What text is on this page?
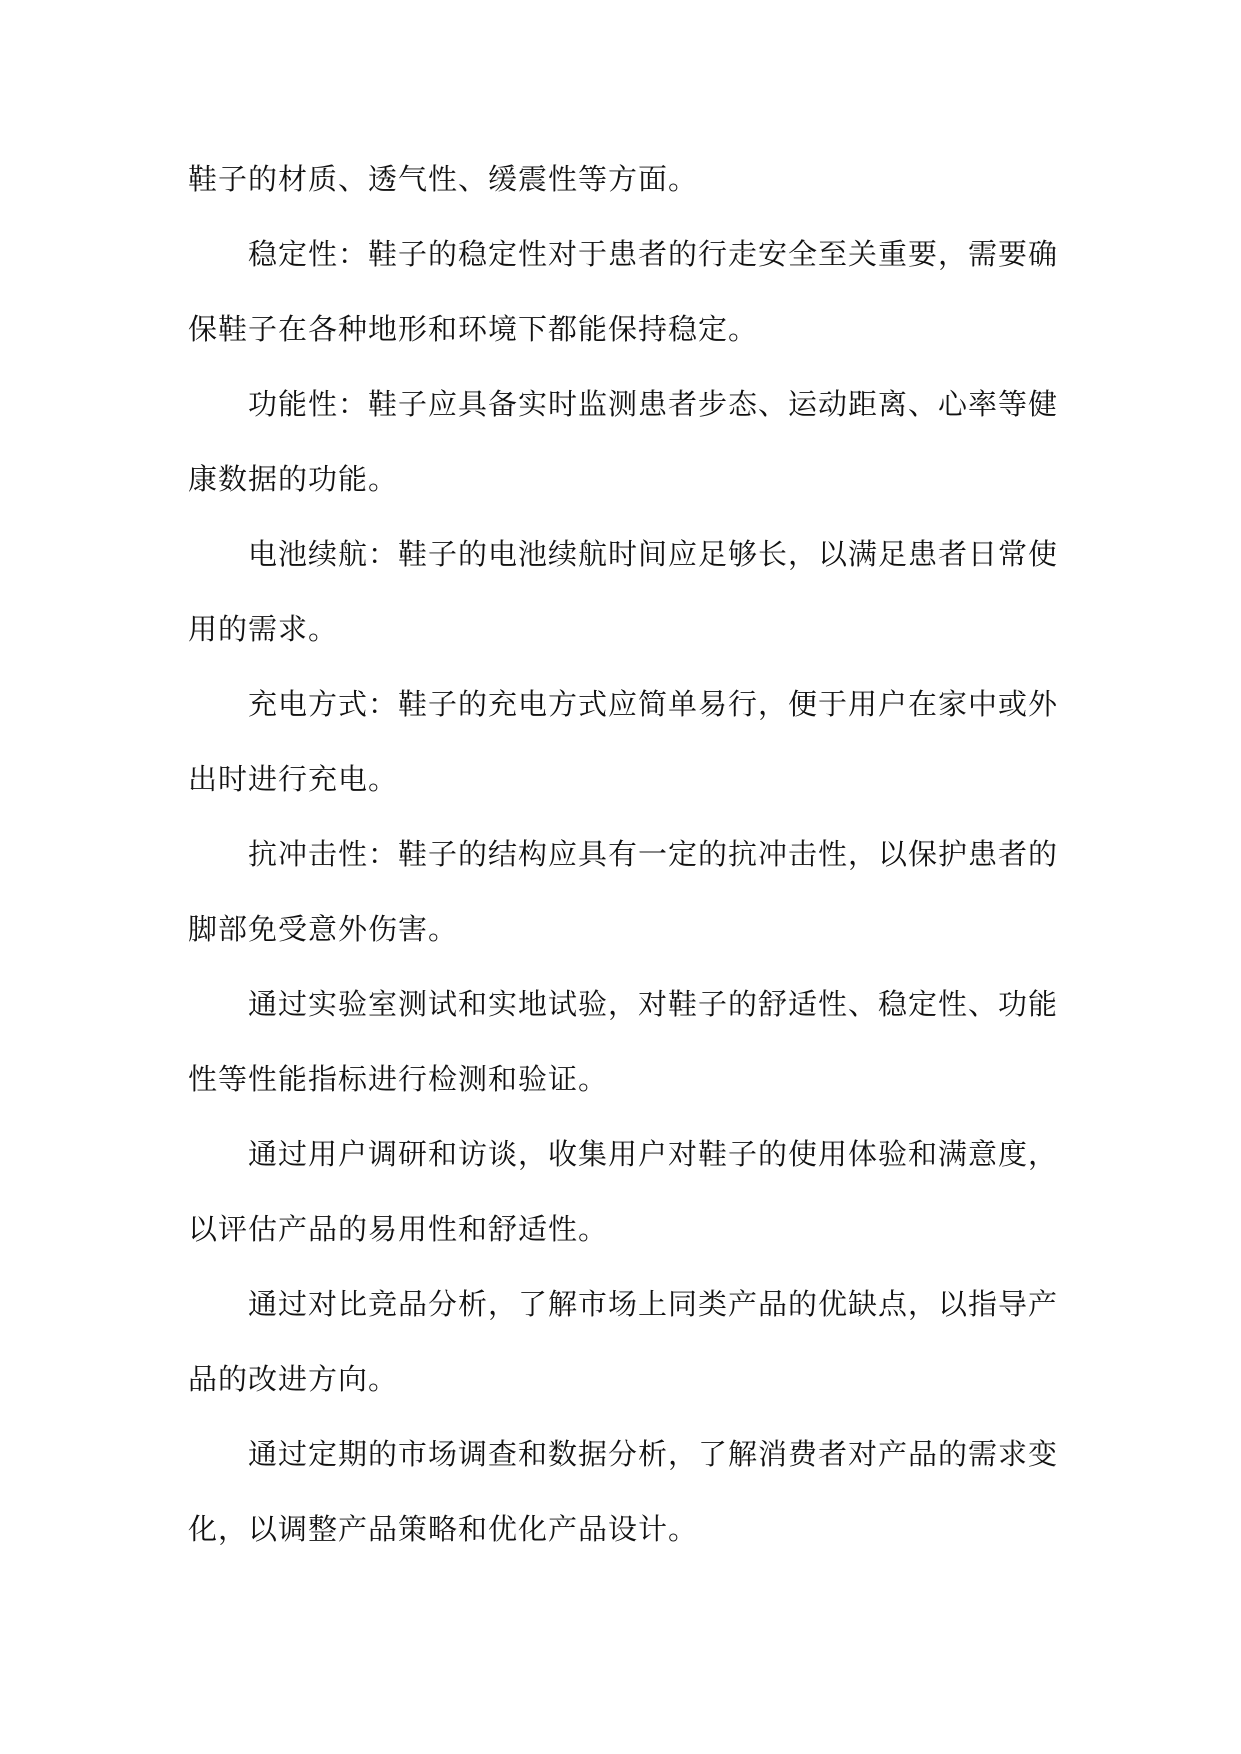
鞋子的材质、透气性、缓震性等方面。

稳定性：鞋子的稳定性对于患者的行走安全至关重要，需要确保鞋子在各种地形和环境下都能保持稳定。

功能性：鞋子应具备实时监测患者步态、运动距离、心率等健康数据的功能。

电池续航：鞋子的电池续航时间应足够长，以满足患者日常使用的需求。

充电方式：鞋子的充电方式应简单易行，便于用户在家中或外出时进行充电。

抗冲击性：鞋子的结构应具有一定的抗冲击性，以保护患者的脚部免受意外伤害。

通过实验室测试和实地试验，对鞋子的舒适性、稳定性、功能性等性能指标进行检测和验证。

通过用户调研和访谈，收集用户对鞋子的使用体验和满意度，以评估产品的易用性和舒适性。

通过对比竞品分析，了解市场上同类产品的优缺点，以指导产品的改进方向。

通过定期的市场调查和数据分析，了解消费者对产品的需求变化，以调整产品策略和优化产品设计。
